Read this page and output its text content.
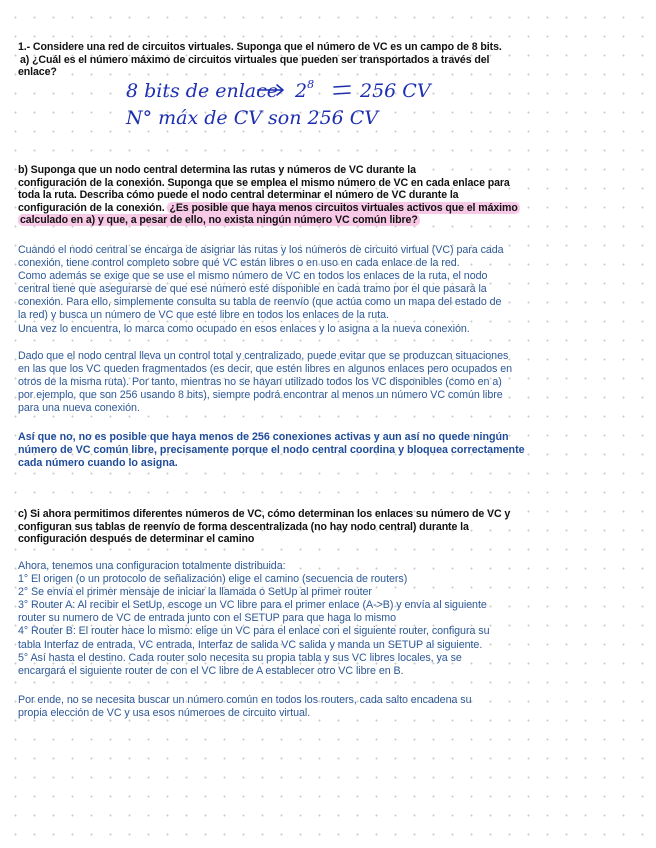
1.- Considere una red de circuitos virtuales. Suponga que el número de VC es un campo de 8 bits.
a) ¿Cuál es el número máximo de circuitos virtuales que pueden ser transportados a través del
enlace?
8 bits de enlace $2^8$ 256 CV
N° máx de CV son 256 CV
b) Suponga que un nodo central determina las rutas y números de VC durante la
configuración de la conexión. Suponga que se emplea el mismo número de VC en cada enlace para
toda la ruta. Describa cómo puede el nodo central determinar el número de VC durante la
configuración de la conexión. ¿Es posible que haya menos circuitos virtuales activos que el máximo
calculado en a) y que, a pesar de ello, no exista ningún número VC común libre?
Cuando el nodo central se encarga de asignar las rutas y los números de circuito virtual (VC) para cada
conexión, tiene control completo sobre qué VC están libres o en uso en cada enlace de la red.
Como además se exige que se use el mismo número de VC en todos los enlaces de la ruta, el nodo
central tiene que asegurarse de que ese número esté disponible en cada tramo por el que pasará la
conexión. Para ello, simplemente consulta su tabla de reenvío (que actúa como un mapa del estado de
la red) y busca un número de VC que esté libre en todos los enlaces de la ruta.
Una vez lo encuentra, lo marca como ocupado en esos enlaces y lo asigna a la nueva conexión.
Dado que el nodo central lleva un control total y centralizado, puede evitar que se produzcan situaciones
en las que los VC queden fragmentados (es decir, que estén libres en algunos enlaces pero ocupados en
otros de la misma ruta). Por tanto, mientras no se hayan utilizado todos los VC disponibles (como en a)
por ejemplo, que son 256 usando 8 bits), siempre podrá encontrar al menos un número VC común libre
para una nueva conexión.
Así que no, no es posible que haya menos de 256 conexiones activas y aun así no quede ningún
número de VC común libre, precisamente porque el nodo central coordina y bloquea correctamente
cada número cuando lo asigna.
c) Si ahora permitimos diferentes números de VC, cómo determinan los enlaces su número de VC y
configuran sus tablas de reenvío de forma descentralizada (no hay nodo central) durante la
configuración después de determinar el camino
Ahora, tenemos una configuracion totalmente distribuida:
1° El origen (o un protocolo de señalización) elige el camino (secuencia de routers)
2° Se envía el primer mensaje de iniciar la llamada o SetUp al primer router
3° Router A: Al recibir el SetUp, escoge un VC libre para el primer enlace (A->B) y envía al siguiente
router su numero de VC de entrada junto con el SETUP para que haga lo mismo
4° Router B: El router hace lo mismo: elige un VC para el enlace con el siguiente router, configura su
tabla Interfaz de entrada, VC entrada, Interfaz de salida VC salida y manda un SETUP al siguiente.
5° Así hasta el destino. Cada router solo necesita su propia tabla y sus VC libres locales, ya se
encargará el siguiente router de con el VC libre de A establecer otro VC libre en B.
Por ende, no se necesita buscar un número común en todos los routers, cada salto encadena su
propia elección de VC y usa esos númeroes de circuito virtual.
